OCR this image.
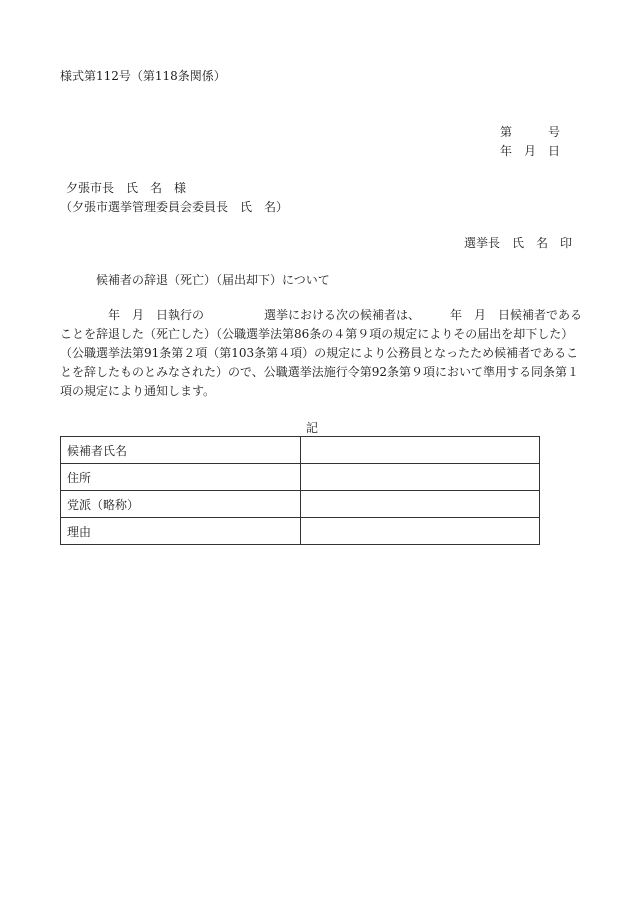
様式第112号（第118条関係）
第　　　号
年　月　日
夕張市長　氏　名　様
（夕張市選挙管理委員会委員長　氏　名）
選挙長　氏　名　印
候補者の辞退（死亡）（届出却下）について
　　　　年　月　日執行の　　　　　選挙における次の候補者は、　　　年　月　日候補者である
ことを辞退した（死亡した）（公職選挙法第86条の４第９項の規定によりその届出を却下した）
（公職選挙法第91条第２項（第103条第４項）の規定により公務員となったため候補者であるこ
とを辞したものとみなされた）ので、公職選挙法施行令第92条第９項において準用する同条第１
項の規定により通知します。
記
候補者氏名	
住所	
党派（略称）	
理由	
